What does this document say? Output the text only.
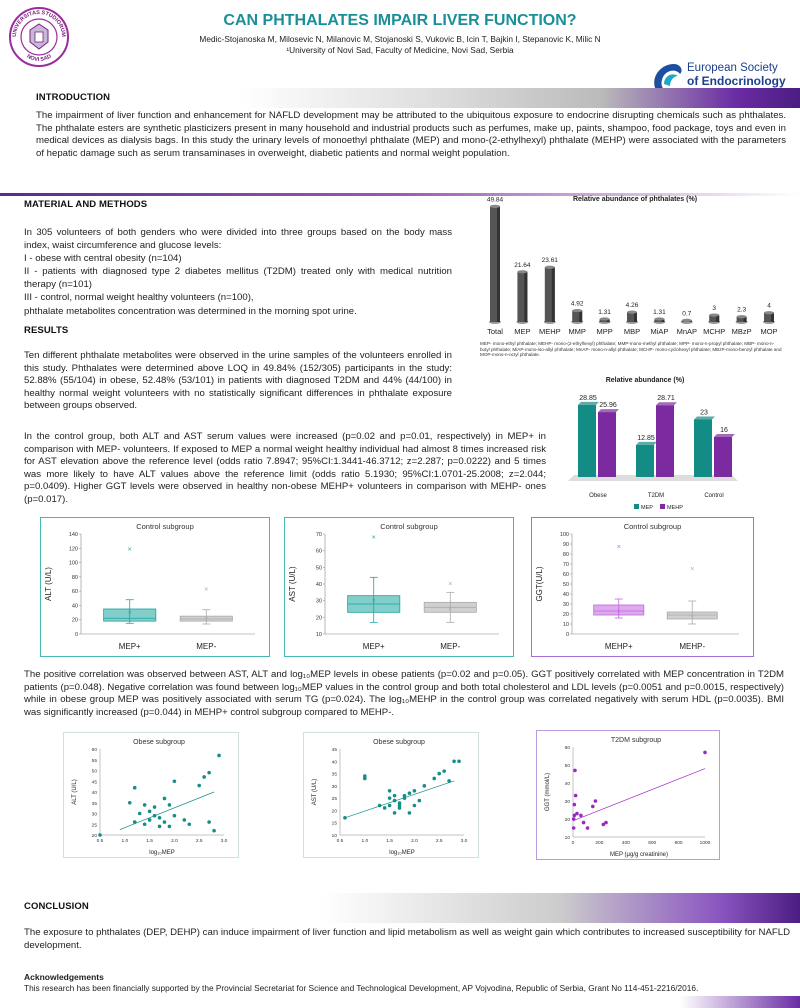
UNIVERSITAS STUDIORUM
NOVI SAD
CAN PHTHALATES IMPAIR LIVER FUNCTION?
Medic-Stojanoska M, Milosevic N, Milanovic M, Stojanoski S, Vukovic B, Icin T, Bajkin I, Stepanovic K, Milic N
¹University of Novi Sad, Faculty of Medicine, Novi Sad, Serbia
European Society
of Endocrinology
INTRODUCTION

The impairment of liver function and enhancement for NAFLD development may be attributed to the ubiquitous exposure to endocrine disrupting chemicals such as phthalates. The phthalate esters are synthetic plasticizers present in many household and industrial products such as perfumes, make up, paints, shampoo, food package, toys and even in medical devices as dialysis bags. In this study the urinary levels of monoethyl phthalate (MEP) and mono-(2-ethylhexyl) phthalate (MEHP) were associated with the parameters of hepatic damage such as serum transaminases in overweight, diabetic patients and normal weight population.

MATERIAL AND METHODS

In 305 volunteers of both genders who were divided into three groups based on the body mass index, waist circumference and glucose levels:

I - obese with central obesity (n=104)

II - patients with diagnosed type 2 diabetes mellitus (T2DM) treated only with medical nutrition therapy (n=101)

III - control, normal weight healthy volunteers (n=100),

phthalate metabolites concentration was determined in the morning spot urine.

RESULTS

Ten different phthalate metabolites were observed in the urine samples of the volunteers enrolled in this study. Phthalates were determined above LOQ in 49.84% (152/305) participants in the study: 52.88% (55/104) in obese, 52.48% (53/101) in patients with diagnosed T2DM and 44% (44/100) in healthy normal weight volunteers with no statistically significant differences in phthalate exposure between groups observed.

In the control group, both ALT and AST serum values were increased (p=0.02 and p=0.01, respectively) in MEP+ in comparison with MEP- volunteers. If exposed to MEP a normal weight healthy individual had almost 8 times increased risk for AST elevation above the reference level (odds ratio 7.8947; 95%CI:1.3441-46.3712; z=2.287; p=0.0222) and 5 times was more likely to have ALT values above the reference limit (odds ratio 5.1930; 95%CI:1.0701-25.2008; z=2.044; p=0.0409). Higher GGT levels were observed in healthy non-obese MEHP+ volunteers in comparison with MEHP- ones (p=0.017).

Relative abundance of phthalates (%)
49.84
Total
21.64
MEP
23.61
MEHP
4.92
MMP
1.31
MPP
4.26
MBP
1.31
MiAP
0.7
MnAP
3
MCHP
2.3
MBzP
4
MOP
MEP- mono-ethyl phthalate; MEHP- mono-(2-ethylhexyl) phthalate; MMP-mono-methyl phthalate; MPP- mono-n-propyl phthalate; MBP- mono-n-butyl phthalate; MiAP-mono-iso-allyl phthalate; MnAP- mono-n-allyl phthalate; MCHP- mono-cyclohexyl phthalate; MBzP-mono-benzyl phthalate and MOP-mono-n-octyl phthalate.
Relative abundance (%)
28.85
25.96
Obese
12.85
28.71
T2DM
23
16
Control
MEP	MEHP
Control subgroup
ALT (U/L)
0
20
40
60
80
100
120
140
×
×
MEP+
×
×
MEP-
Control subgroup
AST (U/L)
10
20
30
40
50
60
70
×
×
MEP+
×
×
MEP-
Control subgroup
GGT(U/L)
0
10
20
30
40
50
60
70
80
90
100
×
×
MEHP+
×
×
MEHP-

The positive correlation was observed between AST, ALT and log₁₀MEP levels in obese patients (p=0.02 and p=0.05). GGT positively correlated with MEP concentration in T2DM patients (p=0.048). Negative correlation was found between log₁₀MEP values in the control group and both total cholesterol and LDL levels (p=0.0051 and p=0.0015, respectively) while in obese group MEP was positively associated with serum TG (p=0.024). The log₁₀MEHP in the control group was correlated negatively with serum HDL (p=0.0035). BMI was significantly increased (p=0.044) in MEHP+ control subgroup compared to MEHP-.

Obese subgroup
ALT (U/L)
log₁₀MEP
20
25
30
35
40
45
50
55
60
0.5	1.0	1.5	2.0	2.5	3.0
Obese subgroup
AST (U/L)
log₁₀MEP
10
15
20
25
30
35
40
45
0.5	1.0	1.5	2.0	2.5	3.0
T2DM subgroup
GGT (mmol/L)
MEP (µg/g creatinine)
10
20
30
40
50
60
0	200	400	600	800	1000
CONCLUSION

The exposure to phthalates (DEP, DEHP) can induce impairment of liver function and lipid metabolism as well as weight gain which contributes to increased susceptibility for NAFLD development.

Acknowledgements
This research has been financially supported by the Provincial Secretariat for Science and Technological Development, AP Vojvodina, Republic of Serbia, Grant No 114-451-2216/2016.
